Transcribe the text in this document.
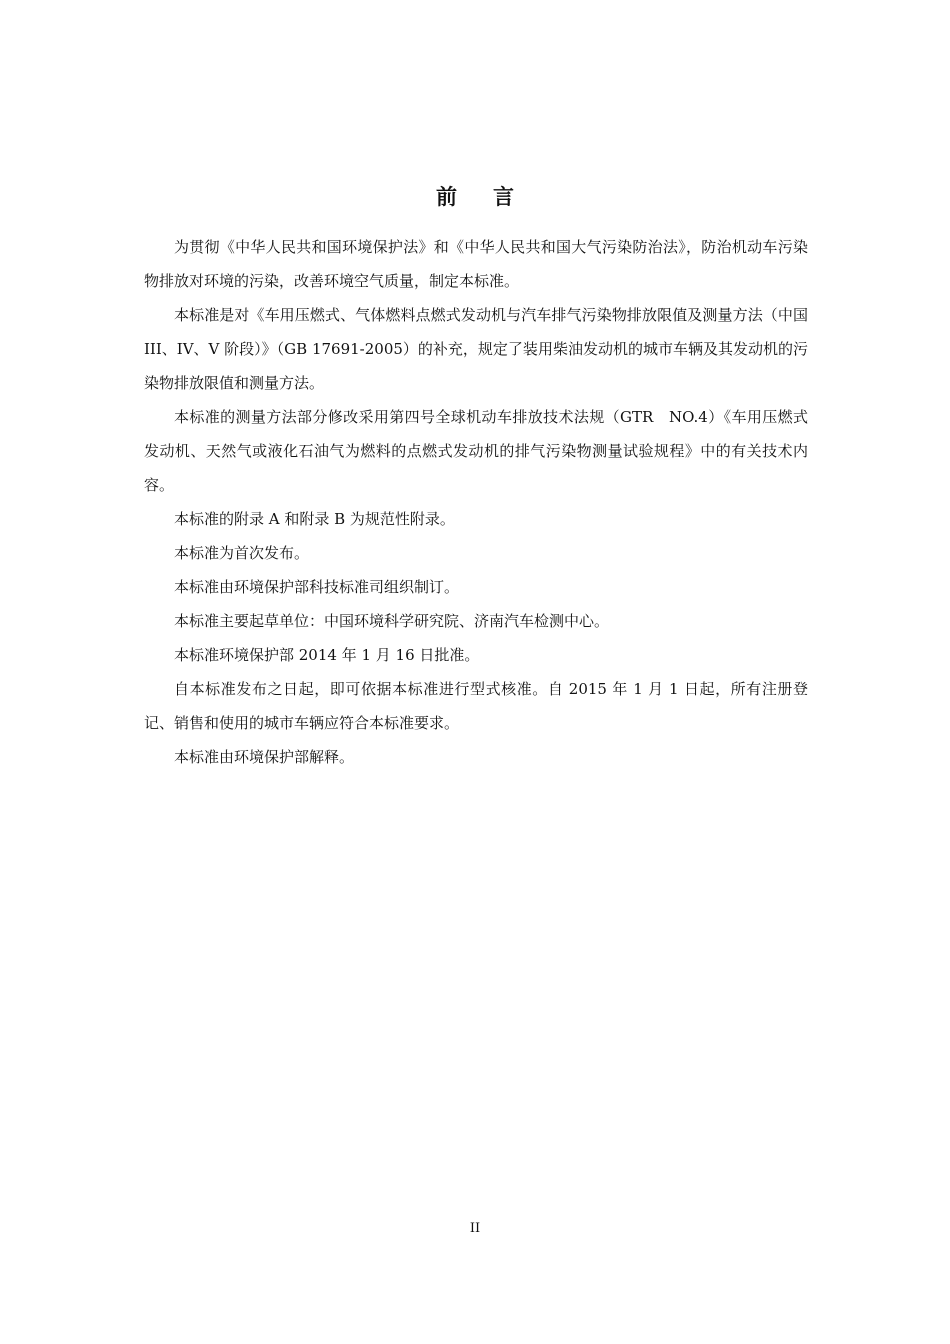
前 言

为贯彻《中华人民共和国环境保护法》和《中华人民共和国大气污染防治法》，防治机动车污染物排放对环境的污染，改善环境空气质量，制定本标准。

本标准是对《车用压燃式、气体燃料点燃式发动机与汽车排气污染物排放限值及测量方法（中国 III、IV、V 阶段）》（GB 17691-2005）的补充，规定了装用柴油发动机的城市车辆及其发动机的污染物排放限值和测量方法。

本标准的测量方法部分修改采用第四号全球机动车排放技术法规（GTR　NO.4）《车用压燃式发动机、天然气或液化石油气为燃料的点燃式发动机的排气污染物测量试验规程》中的有关技术内容。

本标准的附录 A 和附录 B 为规范性附录。

本标准为首次发布。

本标准由环境保护部科技标准司组织制订。

本标准主要起草单位：中国环境科学研究院、济南汽车检测中心。

本标准环境保护部 2014 年 1 月 16 日批准。

自本标准发布之日起，即可依据本标准进行型式核准。自 2015 年 1 月 1 日起，所有注册登记、销售和使用的城市车辆应符合本标准要求。

本标准由环境保护部解释。

II
